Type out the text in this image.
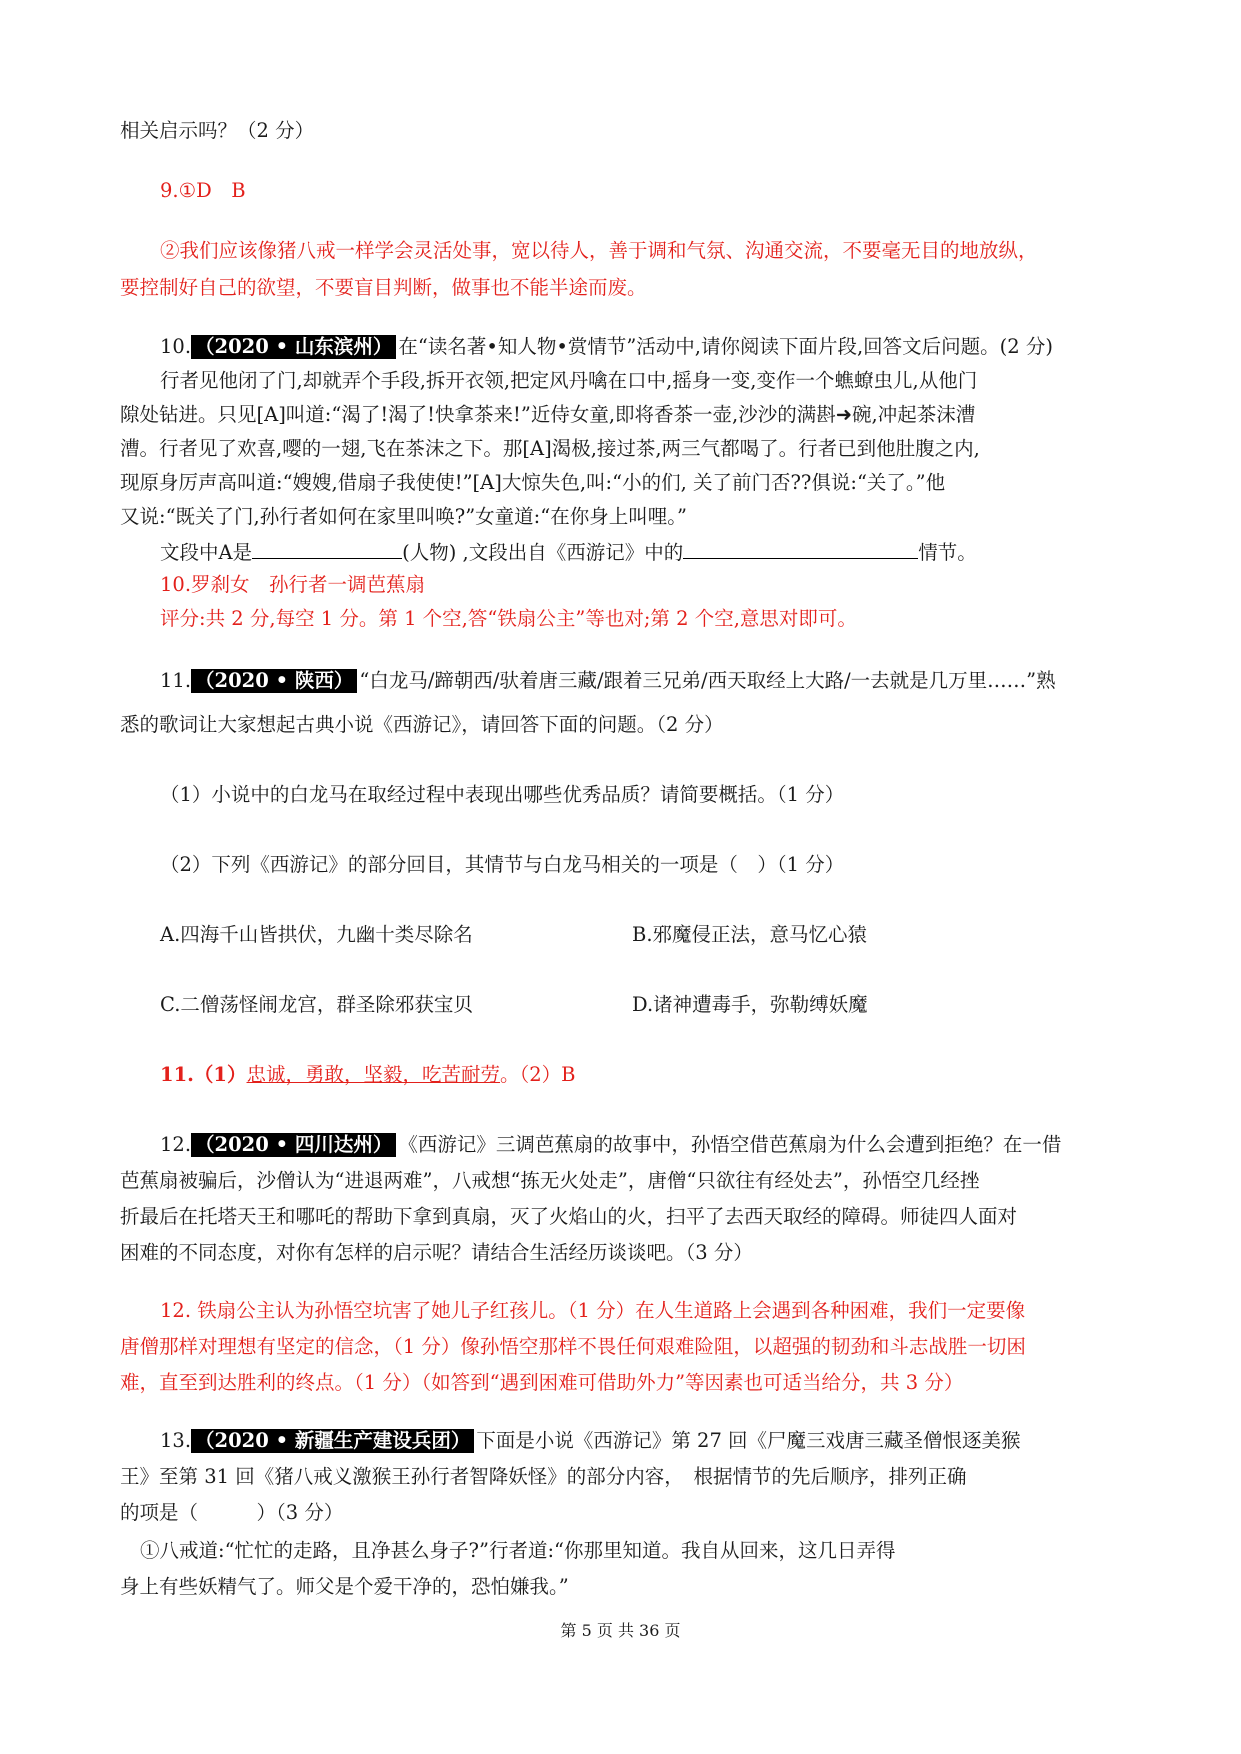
相关启示吗？（2 分）
9.①D　B
②我们应该像猪八戒一样学会灵活处事，宽以待人，善于调和气氛、沟通交流，不要毫无目的地放纵，
要控制好自己的欲望，不要盲目判断，做事也不能半途而废。
10. （2020 • 山东滨州） 在“读名著•知人物•赏情节”活动中,请你阅读下面片段,回答文后问题。(2 分)
行者见他闭了门,却就弄个手段,拆开衣领,把定风丹噙在口中,摇身一变,变作一个蟭蟟虫儿,从他门
隙处钻进。只见[A]叫道:“渴了!渴了!快拿茶来!”近侍女童,即将香茶一壶,沙沙的满斟➜碗,冲起茶沫漕
漕。行者见了欢喜,嘤的一翅,飞在茶沫之下。那[A]渴极,接过茶,两三气都喝了。行者已到他肚腹之内,
现原身厉声高叫道:“嫂嫂,借扇子我使使!”[A]大惊失色,叫:“小的们, 关了前门否??俱说:“关了。”他
又说:“既关了门,孙行者如何在家里叫唤?”女童道:“在你身上叫哩。”
文段中A是	(人物) ,文段出自《西游记》中的	情节。
10.罗刹女　孙行者一调芭蕉扇
评分:共 2 分,每空 1 分。第 1 个空,答“铁扇公主”等也对;第 2 个空,意思对即可。
11. （2020 • 陕西） “白龙马/蹄朝西/驮着唐三藏/跟着三兄弟/西天取经上大路/一去就是几万里……”熟
悉的歌词让大家想起古典小说《西游记》，请回答下面的问题。（2 分）
（1）小说中的白龙马在取经过程中表现出哪些优秀品质？请简要概括。（1 分）
（2）下列《西游记》的部分回目，其情节与白龙马相关的一项是（　）（1 分）
A.四海千山皆拱伏，九幽十类尽除名	B.邪魔侵正法，意马忆心猿
C.二僧荡怪闹龙宫，群圣除邪获宝贝	D.诸神遭毒手，弥勒缚妖魔
11.（1）忠诚，勇敢，坚毅，吃苦耐劳。（2）B
12. （2020 • 四川达州） 《西游记》三调芭蕉扇的故事中，孙悟空借芭蕉扇为什么会遭到拒绝？在一借
芭蕉扇被骗后，沙僧认为“进退两难”，八戒想“拣无火处走”，唐僧“只欲往有经处去”，孙悟空几经挫
折最后在托塔天王和哪吒的帮助下拿到真扇，灭了火焰山的火，扫平了去西天取经的障碍。师徒四人面对
困难的不同态度，对你有怎样的启示呢？请结合生活经历谈谈吧。（3 分）
12. 铁扇公主认为孙悟空坑害了她儿子红孩儿。（1 分）在人生道路上会遇到各种困难，我们一定要像
唐僧那样对理想有坚定的信念，（1 分）像孙悟空那样不畏任何艰难险阻，以超强的韧劲和斗志战胜一切困
难，直至到达胜利的终点。（1 分）（如答到“遇到困难可借助外力”等因素也可适当给分，共 3 分）
13. （2020 • 新疆生产建设兵团） 下面是小说《西游记》第 27 回《尸魔三戏唐三藏圣僧恨逐美猴
王》至第 31 回《猪八戒义激猴王孙行者智降妖怪》的部分内容，　根据情节的先后顺序，排列正确
的项是（　　　）（3 分）
①八戒道:“忙忙的走路，且净甚么身子?”行者道:“你那里知道。我自从回来，这几日弄得
身上有些妖精气了。师父是个爱干净的，恐怕嫌我。”
第 5 页 共 36 页
